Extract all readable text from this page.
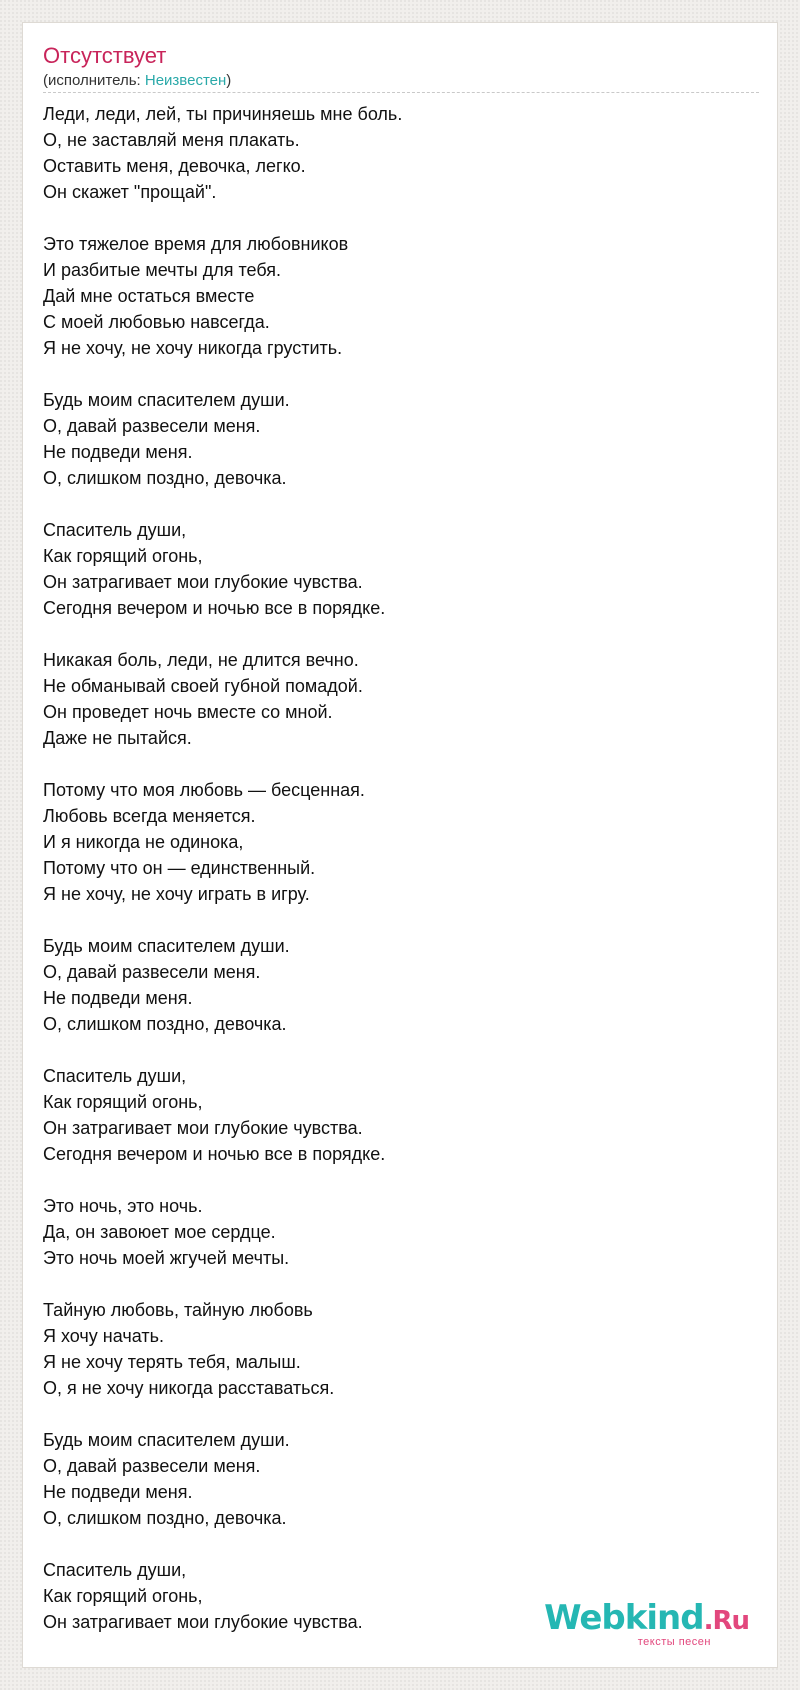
Отсутствует
(исполнитель: Неизвестен)
Леди, леди, лей, ты причиняешь мне боль.
О, не заставляй меня плакать.
Оставить меня, девочка, легко.
Он скажет "прощай".
Это тяжелое время для любовников
И разбитые мечты для тебя.
Дай мне остаться вместе
С моей любовью навсегда.
Я не хочу, не хочу никогда грустить.
Будь моим спасителем души.
О, давай развесели меня.
Не подведи меня.
О, слишком поздно, девочка.
Спаситель души,
Как горящий огонь,
Он затрагивает мои глубокие чувства.
Сегодня вечером и ночью все в порядке.
Никакая боль, леди, не длится вечно.
Не обманывай своей губной помадой.
Он проведет ночь вместе со мной.
Даже не пытайся.
Потому что моя любовь — бесценная.
Любовь всегда меняется.
И я никогда не одинока,
Потому что он — единственный.
Я не хочу, не хочу играть в игру.
Будь моим спасителем души.
О, давай развесели меня.
Не подведи меня.
О, слишком поздно, девочка.
Спаситель души,
Как горящий огонь,
Он затрагивает мои глубокие чувства.
Сегодня вечером и ночью все в порядке.
Это ночь, это ночь.
Да, он завоюет мое сердце.
Это ночь моей жгучей мечты.
Тайную любовь, тайную любовь
Я хочу начать.
Я не хочу терять тебя, малыш.
О, я не хочу никогда расставаться.
Будь моим спасителем души.
О, давай развесели меня.
Не подведи меня.
О, слишком поздно, девочка.
Спаситель души,
Как горящий огонь,
Он затрагивает мои глубокие чувства.	Webkind.Ru
тексты песен
